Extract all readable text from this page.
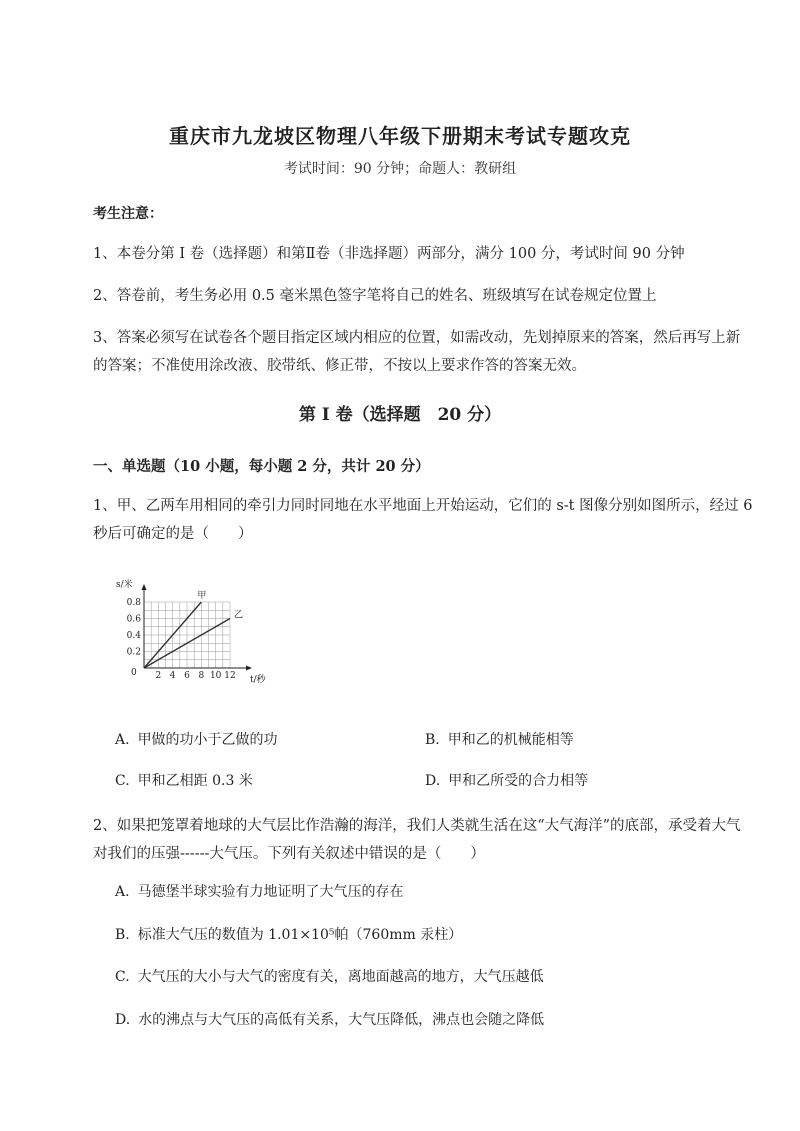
重庆市九龙坡区物理八年级下册期末考试专题攻克
考试时间：90 分钟；命题人：教研组
考生注意：
1、本卷分第 I 卷（选择题）和第Ⅱ卷（非选择题）两部分，满分 100 分，考试时间 90 分钟
2、答卷前，考生务必用 0.5 毫米黑色签字笔将自己的姓名、班级填写在试卷规定位置上
3、答案必须写在试卷各个题目指定区域内相应的位置，如需改动，先划掉原来的答案，然后再写上新的答案；不准使用涂改液、胶带纸、修正带，不按以上要求作答的答案无效。
第 I 卷（选择题　20 分）
一、单选题（10 小题，每小题 2 分，共计 20 分）
1、甲、乙两车用相同的牵引力同时同地在水平地面上开始运动，它们的 s-t 图像分别如图所示，经过 6 秒后可确定的是（　　）
2 4 6 8 10 12
0.2
0.4
0.6
0.8
甲
乙
s/米
t/秒
0
A. 甲做的功小于乙做的功	B. 甲和乙的机械能相等
C. 甲和乙相距 0.3 米	D. 甲和乙所受的合力相等
2、如果把笼罩着地球的大气层比作浩瀚的海洋，我们人类就生活在这“大气海洋”的底部，承受着大气对我们的压强------大气压。下列有关叙述中错误的是（　　）
A. 马德堡半球实验有力地证明了大气压的存在
B. 标准大气压的数值为 1.01×10⁵帕（760mm 汞柱）
C. 大气压的大小与大气的密度有关，离地面越高的地方，大气压越低
D. 水的沸点与大气压的高低有关系，大气压降低，沸点也会随之降低
